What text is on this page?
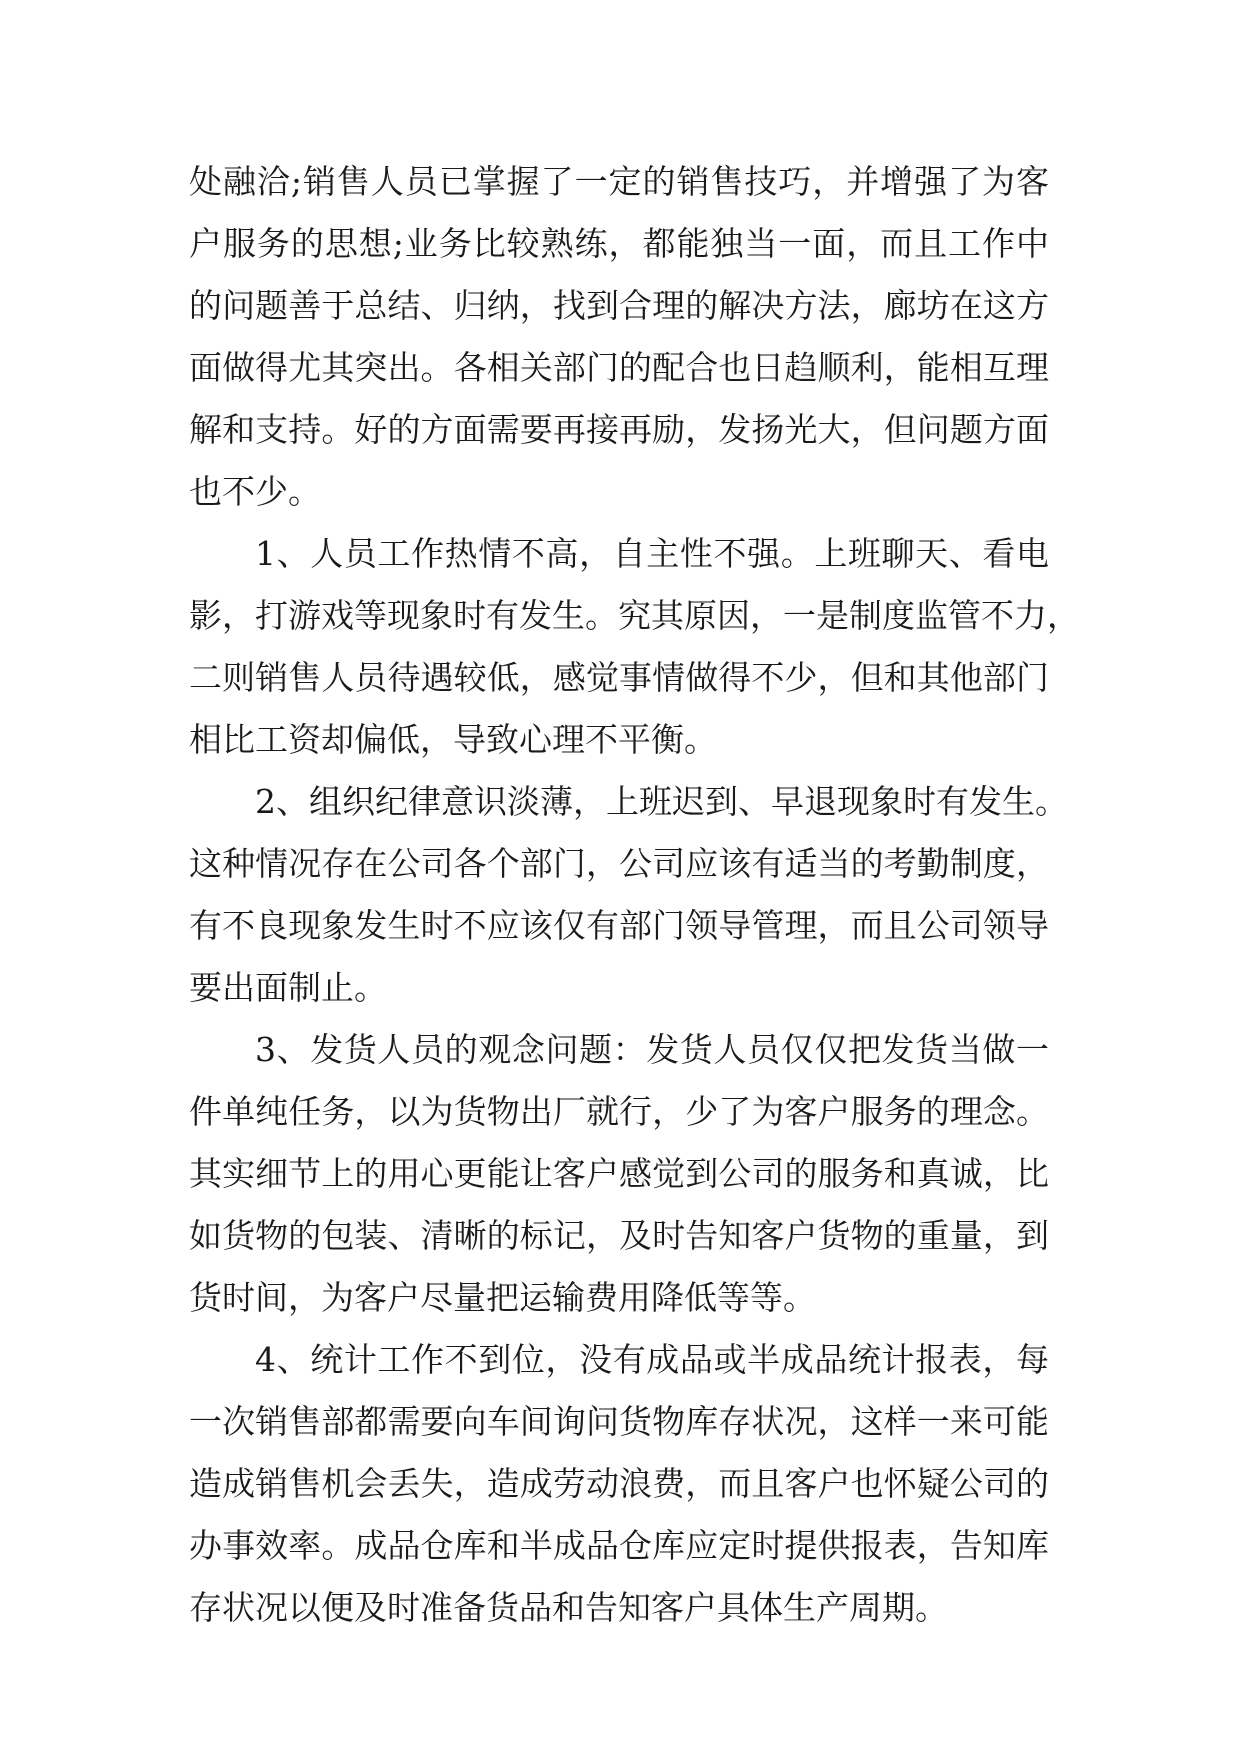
处融洽;销售人员已掌握了一定的销售技巧，并增强了为客

户服务的思想;业务比较熟练，都能独当一面，而且工作中

的问题善于总结、归纳，找到合理的解决方法，廊坊在这方

面做得尤其突出。各相关部门的配合也日趋顺利，能相互理

解和支持。好的方面需要再接再励，发扬光大，但问题方面

也不少。

1、人员工作热情不高，自主性不强。上班聊天、看电

影，打游戏等现象时有发生。究其原因，一是制度监管不力，

二则销售人员待遇较低，感觉事情做得不少，但和其他部门

相比工资却偏低，导致心理不平衡。

2、组织纪律意识淡薄，上班迟到、早退现象时有发生。

这种情况存在公司各个部门，公司应该有适当的考勤制度，

有不良现象发生时不应该仅有部门领导管理，而且公司领导

要出面制止。

3、发货人员的观念问题：发货人员仅仅把发货当做一

件单纯任务，以为货物出厂就行，少了为客户服务的理念。

其实细节上的用心更能让客户感觉到公司的服务和真诚，比

如货物的包装、清晰的标记，及时告知客户货物的重量，到

货时间，为客户尽量把运输费用降低等等。

4、统计工作不到位，没有成品或半成品统计报表，每

一次销售部都需要向车间询问货物库存状况，这样一来可能

造成销售机会丢失，造成劳动浪费，而且客户也怀疑公司的

办事效率。成品仓库和半成品仓库应定时提供报表，告知库

存状况以便及时准备货品和告知客户具体生产周期。
